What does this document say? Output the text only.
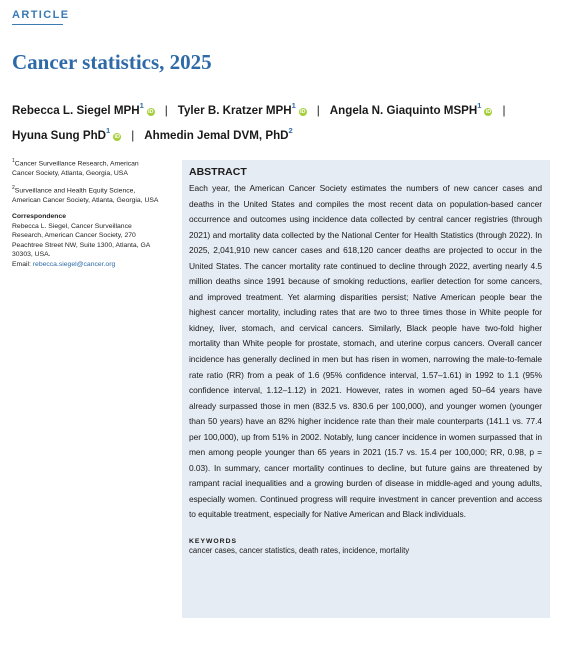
ARTICLE
Cancer statistics, 2025
Rebecca L. Siegel MPH$^1$iD | Tyler B. Kratzer MPH$^1$iD | Angela N. Giaquinto MSPH$^1$iD |
Hyuna Sung PhD$^1$iD | Ahmedin Jemal DVM, PhD$^2$

$^1$Cancer Surveillance Research, American Cancer Society, Atlanta, Georgia, USA

$^2$Surveillance and Health Equity Science, American Cancer Society, Atlanta, Georgia, USA

Correspondence

Rebecca L. Siegel, Cancer Surveillance Research, American Cancer Society, 270 Peachtree Street NW, Suite 1300, Atlanta, GA 30303, USA.
Email: rebecca.siegel@cancer.org

ABSTRACT

Each year, the American Cancer Society estimates the numbers of new cancer cases and deaths in the United States and compiles the most recent data on population-based cancer occurrence and outcomes using incidence data collected by central cancer registries (through 2021) and mortality data collected by the National Center for Health Statistics (through 2022). In 2025, 2,041,910 new cancer cases and 618,120 cancer deaths are projected to occur in the United States. The cancer mortality rate continued to decline through 2022, averting nearly 4.5 million deaths since 1991 because of smoking reductions, earlier detection for some cancers, and improved treatment. Yet alarming disparities persist; Native American people bear the highest cancer mortality, including rates that are two to three times those in White people for kidney, liver, stomach, and cervical cancers. Similarly, Black people have two-fold higher mortality than White people for prostate, stomach, and uterine corpus cancers. Overall cancer incidence has generally declined in men but has risen in women, narrowing the male-to-female rate ratio (RR) from a peak of 1.6 (95% confidence interval, 1.57–1.61) in 1992 to 1.1 (95% confidence interval, 1.12–1.12) in 2021. However, rates in women aged 50–64 years have already surpassed those in men (832.5 vs. 830.6 per 100,000), and younger women (younger than 50 years) have an 82% higher incidence rate than their male counterparts (141.1 vs. 77.4 per 100,000), up from 51% in 2002. Notably, lung cancer incidence in women surpassed that in men among people younger than 65 years in 2021 (15.7 vs. 15.4 per 100,000; RR, 0.98, p = 0.03). In summary, cancer mortality continues to decline, but future gains are threatened by rampant racial inequalities and a growing burden of disease in middle-aged and young adults, especially women. Continued progress will require investment in cancer prevention and access to equitable treatment, especially for Native American and Black individuals.

KEYWORDS

cancer cases, cancer statistics, death rates, incidence, mortality
